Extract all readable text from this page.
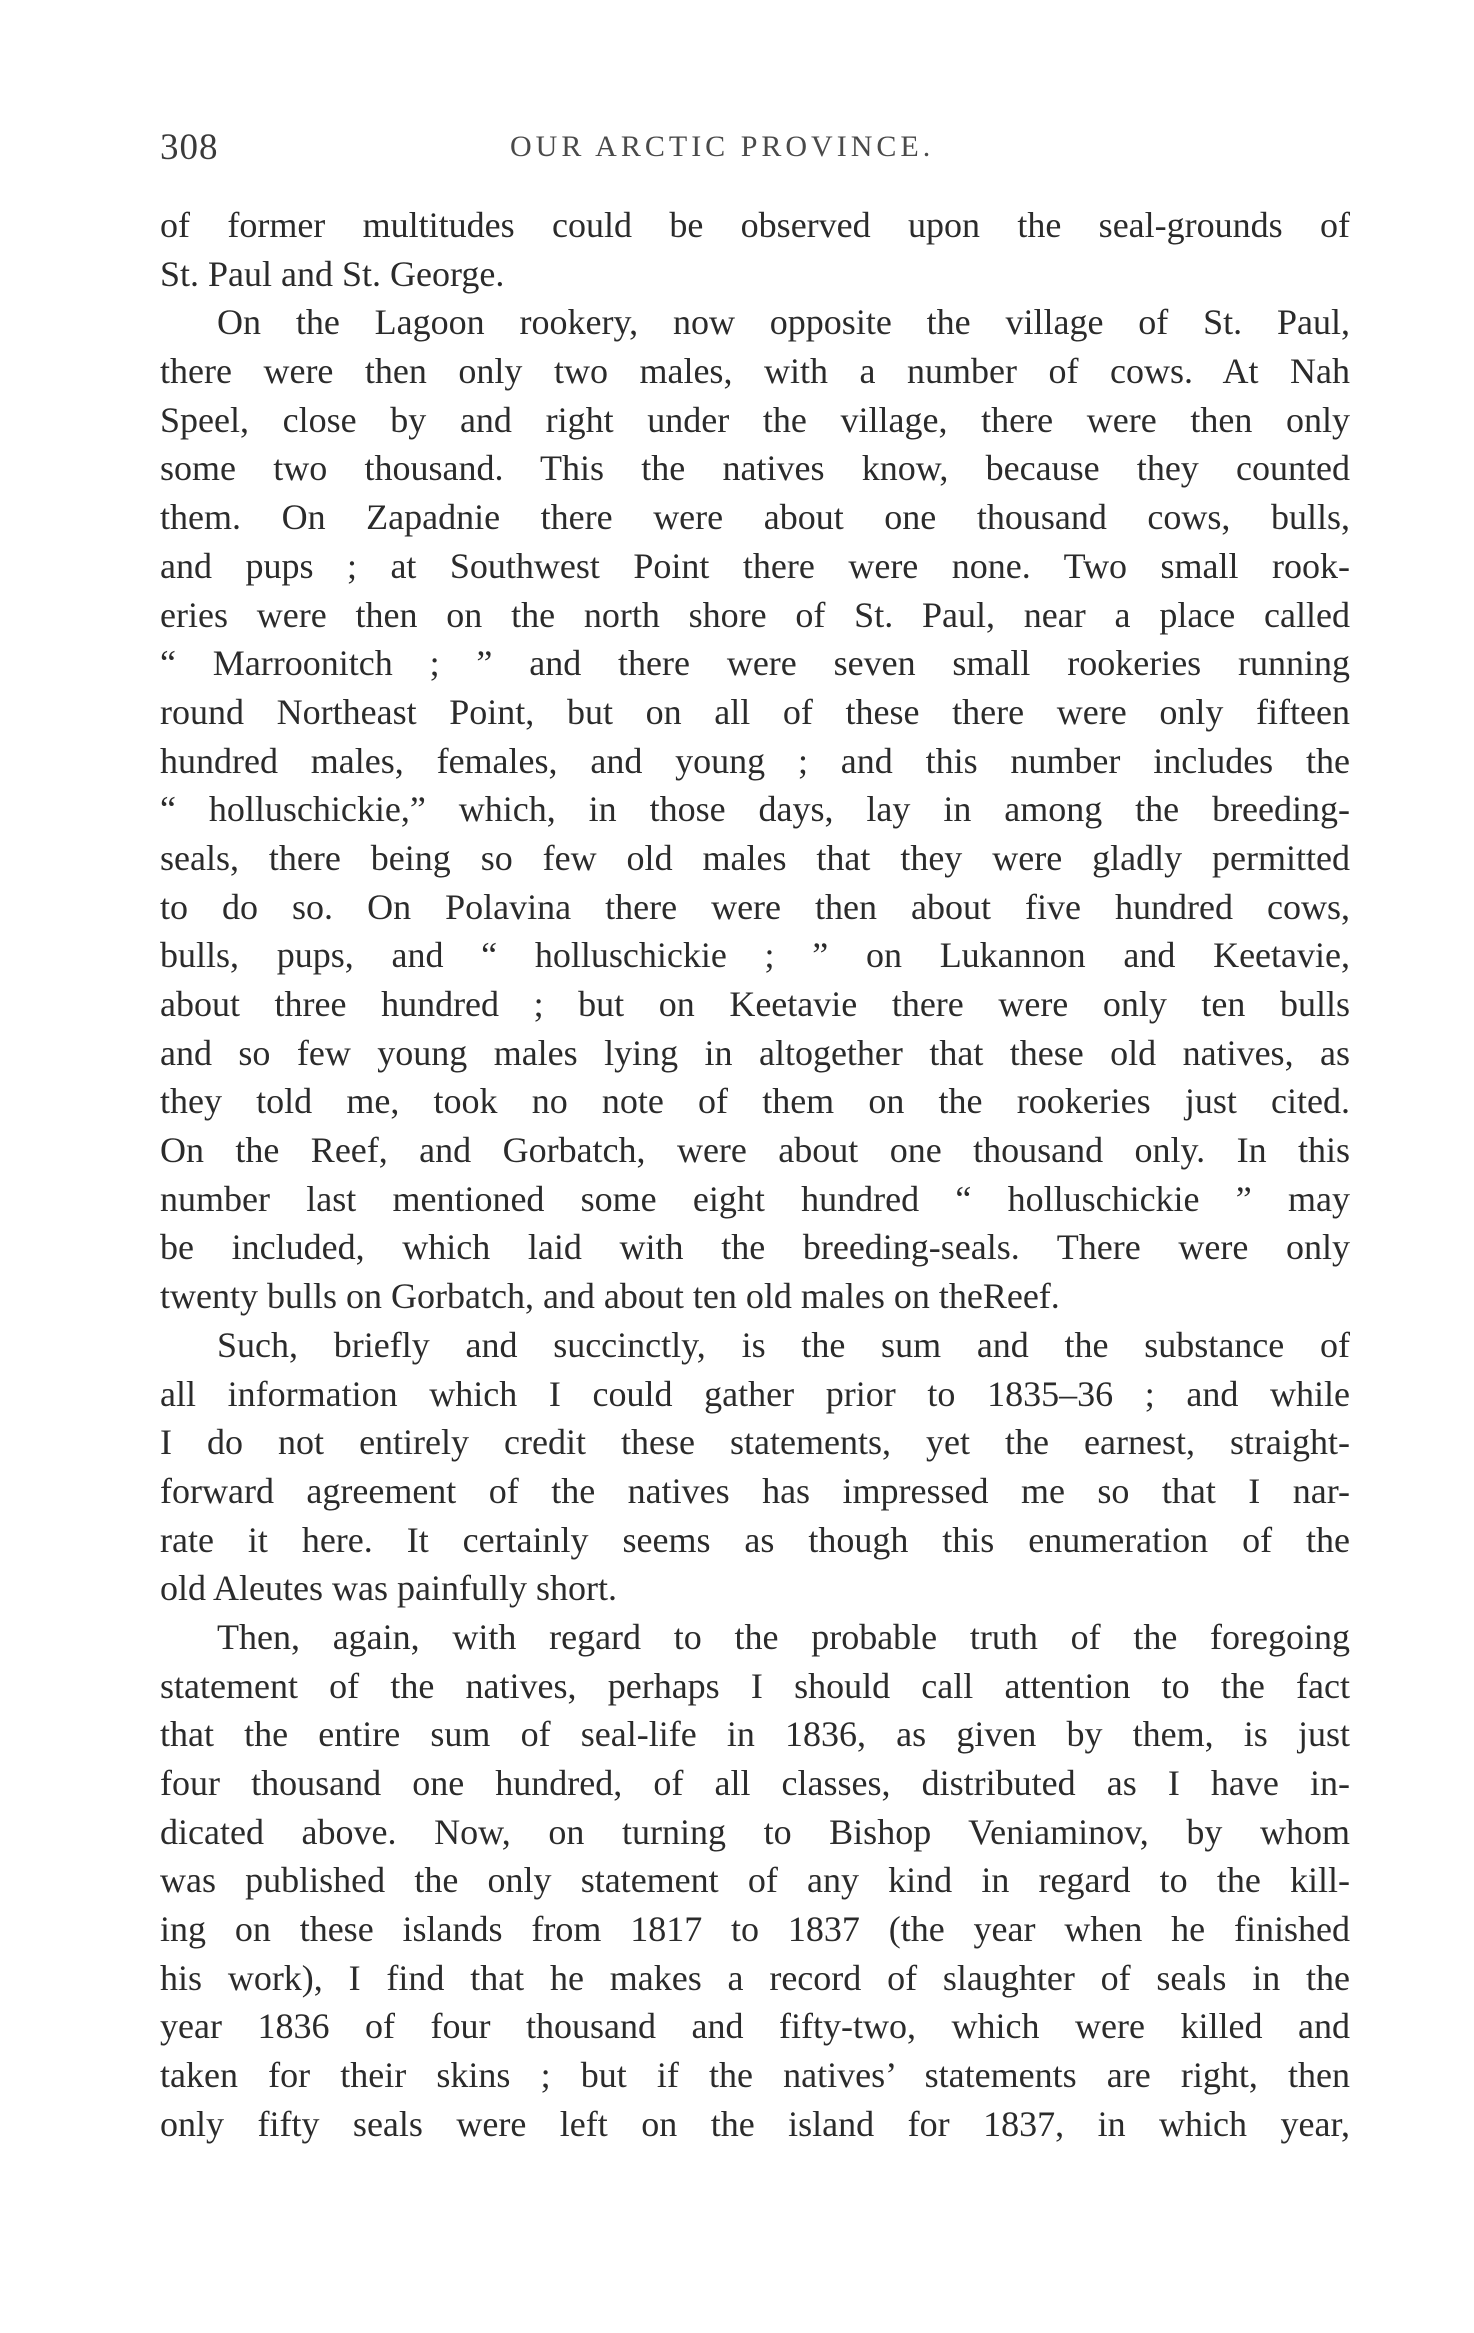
308	OUR ARCTIC PROVINCE.
of former multitudes could be observed upon the seal-grounds of
St. Paul and St. George.
On the Lagoon rookery, now opposite the village of St. Paul,
there were then only two males, with a number of cows. At Nah
Speel, close by and right under the village, there were then only
some two thousand. This the natives know, because they counted
them. On Zapadnie there were about one thousand cows, bulls,
and pups ; at Southwest Point there were none. Two small rook-
eries were then on the north shore of St. Paul, near a place called
“ Marroonitch ; ” and there were seven small rookeries running
round Northeast Point, but on all of these there were only fifteen
hundred males, females, and young ; and this number includes the
“ holluschickie,” which, in those days, lay in among the breeding-
seals, there being so few old males that they were gladly permitted
to do so. On Polavina there were then about five hundred cows,
bulls, pups, and “ holluschickie ; ” on Lukannon and Keetavie,
about three hundred ; but on Keetavie there were only ten bulls
and so few young males lying in altogether that these old natives, as
they told me, took no note of them on the rookeries just cited.
On the Reef, and Gorbatch, were about one thousand only. In this
number last mentioned some eight hundred “ holluschickie ” may
be included, which laid with the breeding-seals. There were only
twenty bulls on Gorbatch, and about ten old males on theReef.
Such, briefly and succinctly, is the sum and the substance of
all information which I could gather prior to 1835–36 ; and while
I do not entirely credit these statements, yet the earnest, straight-
forward agreement of the natives has impressed me so that I nar-
rate it here. It certainly seems as though this enumeration of the
old Aleutes was painfully short.
Then, again, with regard to the probable truth of the foregoing
statement of the natives, perhaps I should call attention to the fact
that the entire sum of seal-life in 1836, as given by them, is just
four thousand one hundred, of all classes, distributed as I have in-
dicated above. Now, on turning to Bishop Veniaminov, by whom
was published the only statement of any kind in regard to the kill-
ing on these islands from 1817 to 1837 (the year when he finished
his work), I find that he makes a record of slaughter of seals in the
year 1836 of four thousand and fifty-two, which were killed and
taken for their skins ; but if the natives’ statements are right, then
only fifty seals were left on the island for 1837, in which year,
